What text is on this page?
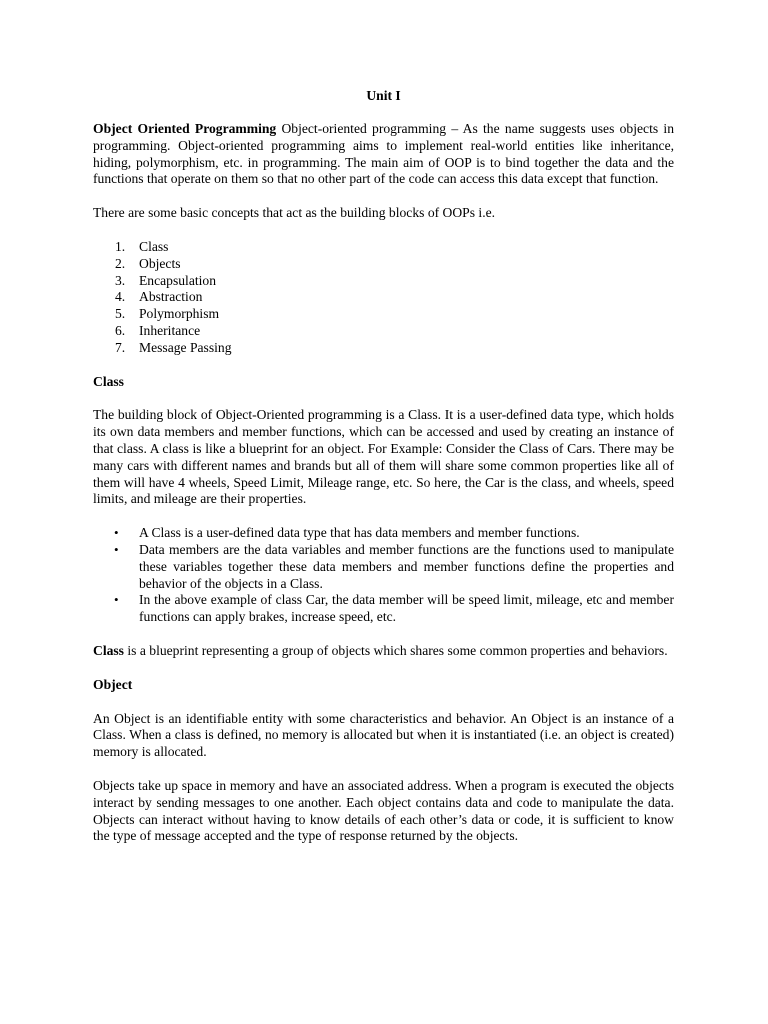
Unit I

Object Oriented Programming Object-oriented programming – As the name suggests uses objects in programming. Object-oriented programming aims to implement real-world entities like inheritance, hiding, polymorphism, etc. in programming. The main aim of OOP is to bind together the data and the functions that operate on them so that no other part of the code can access this data except that function.

There are some basic concepts that act as the building blocks of OOPs i.e.

1.	Class
2.	Objects
3.	Encapsulation
4.	Abstraction
5.	Polymorphism
6.	Inheritance
7.	Message Passing
Class

The building block of Object-Oriented programming is a Class. It is a user-defined data type, which holds its own data members and member functions, which can be accessed and used by creating an instance of that class. A class is like a blueprint for an object. For Example: Consider the Class of Cars. There may be many cars with different names and brands but all of them will share some common properties like all of them will have 4 wheels, Speed Limit, Mileage range, etc. So here, the Car is the class, and wheels, speed limits, and mileage are their properties.

• A Class is a user-defined data type that has data members and member functions.
• Data members are the data variables and member functions are the functions used to manipulate these variables together these data members and member functions define the properties and behavior of the objects in a Class.
• In the above example of class Car, the data member will be speed limit, mileage, etc and member functions can apply brakes, increase speed, etc.

Class is a blueprint representing a group of objects which shares some common properties and behaviors.

Object

An Object is an identifiable entity with some characteristics and behavior. An Object is an instance of a Class. When a class is defined, no memory is allocated but when it is instantiated (i.e. an object is created) memory is allocated.

Objects take up space in memory and have an associated address. When a program is executed the objects interact by sending messages to one another. Each object contains data and code to manipulate the data. Objects can interact without having to know details of each other’s data or code, it is sufficient to know the type of message accepted and the type of response returned by the objects.
